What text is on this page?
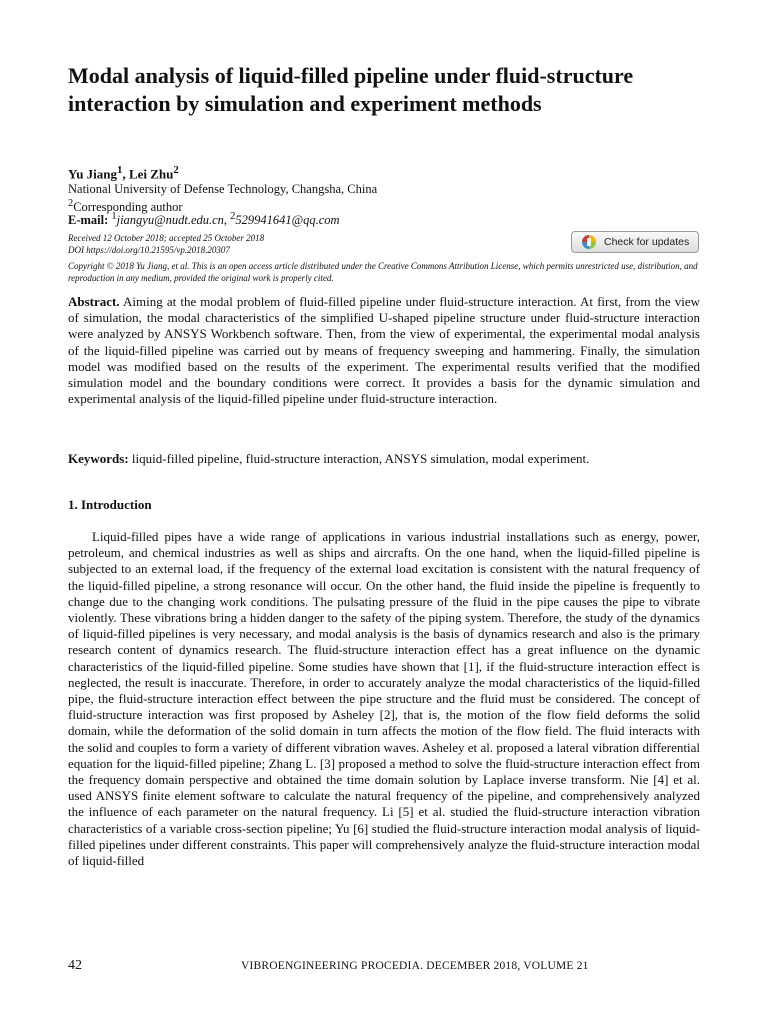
Modal analysis of liquid-filled pipeline under fluid-structure interaction by simulation and experiment methods
Yu Jiang$^1$, Lei Zhu$^2$
National University of Defense Technology, Changsha, China
$^2$Corresponding author
E-mail: $^1$jiangyu@nudt.edu.cn, $^2$529941641@qq.com
Received 12 October 2018; accepted 25 October 2018
DOI https://doi.org/10.21595/vp.2018.20307
Check for updates
Copyright © 2018 Yu Jiang, et al. This is an open access article distributed under the Creative Commons Attribution License, which permits unrestricted use, distribution, and reproduction in any medium, provided the original work is properly cited.
Abstract. Aiming at the modal problem of fluid-filled pipeline under fluid-structure interaction. At first, from the view of simulation, the modal characteristics of the simplified U-shaped pipeline structure under fluid-structure interaction were analyzed by ANSYS Workbench software. Then, from the view of experimental, the experimental modal analysis of the liquid-filled pipeline was carried out by means of frequency sweeping and hammering. Finally, the simulation model was modified based on the results of the experiment. The experimental results verified that the modified simulation model and the boundary conditions were correct. It provides a basis for the dynamic simulation and experimental analysis of the liquid-filled pipeline under fluid-structure interaction.
Keywords: liquid-filled pipeline, fluid-structure interaction, ANSYS simulation, modal experiment.
1. Introduction
Liquid-filled pipes have a wide range of applications in various industrial installations such as energy, power, petroleum, and chemical industries as well as ships and aircrafts. On the one hand, when the liquid-filled pipeline is subjected to an external load, if the frequency of the external load excitation is consistent with the natural frequency of the liquid-filled pipeline, a strong resonance will occur. On the other hand, the fluid inside the pipeline is frequently to change due to the changing work conditions. The pulsating pressure of the fluid in the pipe causes the pipe to vibrate violently. These vibrations bring a hidden danger to the safety of the piping system. Therefore, the study of the dynamics of liquid-filled pipelines is very necessary, and modal analysis is the basis of dynamics research and also is the primary research content of dynamics research. The fluid-structure interaction effect has a great influence on the dynamic characteristics of the liquid-filled pipeline. Some studies have shown that [1], if the fluid-structure interaction effect is neglected, the result is inaccurate. Therefore, in order to accurately analyze the modal characteristics of the liquid-filled pipe, the fluid-structure interaction effect between the pipe structure and the fluid must be considered. The concept of fluid-structure interaction was first proposed by Asheley [2], that is, the motion of the flow field deforms the solid domain, while the deformation of the solid domain in turn affects the motion of the flow field. The fluid interacts with the solid and couples to form a variety of different vibration waves. Asheley et al. proposed a lateral vibration differential equation for the liquid-filled pipeline; Zhang L. [3] proposed a method to solve the fluid-structure interaction effect from the frequency domain perspective and obtained the time domain solution by Laplace inverse transform. Nie [4] et al. used ANSYS finite element software to calculate the natural frequency of the pipeline, and comprehensively analyzed the influence of each parameter on the natural frequency. Li [5] et al. studied the fluid-structure interaction vibration characteristics of a variable cross-section pipeline; Yu [6] studied the fluid-structure interaction modal analysis of liquid-filled pipelines under different constraints. This paper will comprehensively analyze the fluid-structure interaction modal of liquid-filled
42	VIBROENGINEERING PROCEDIA. DECEMBER 2018, VOLUME 21
